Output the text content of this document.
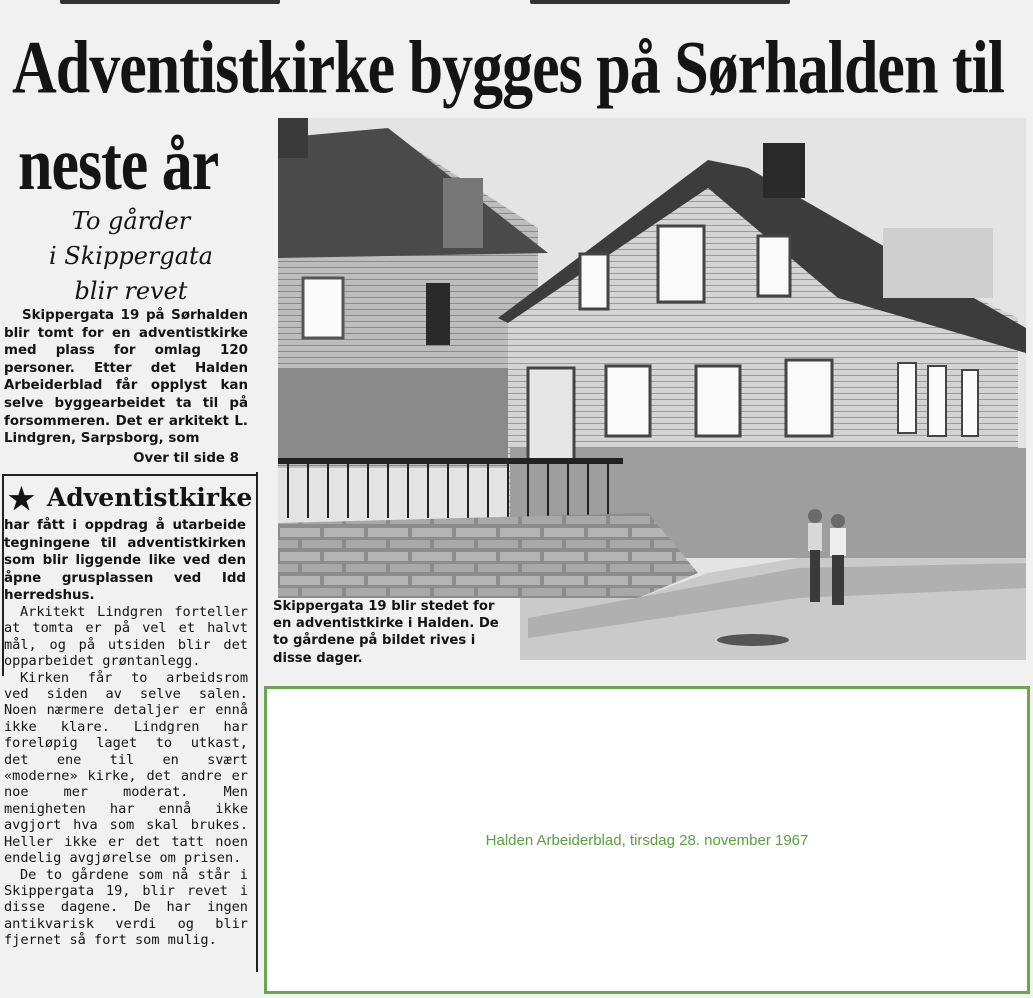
Adventistkirke bygges på Sørhalden til
neste år
To gårder
i Skippergata
blir revet
Skippergata 19 på Sørhalden blir tomt for en adventistkirke med plass for omlag 120 personer. Etter det Halden Arbeiderblad får opplyst kan selve byggearbeidet ta til på forsommeren. Det er arkitekt L. Lindgren, Sarpsborg, som
Over til side 8
★ Adventistkirke
har fått i oppdrag å utarbeide tegningene til adventistkirken som blir liggende like ved den åpne grusplassen ved Idd herredshus.

Arkitekt Lindgren forteller at tomta er på vel et halvt mål, og på utsiden blir det opparbeidet grøntanlegg.

Kirken får to arbeidsrom ved siden av selve salen. Noen nærmere detaljer er ennå ikke klare. Lindgren har foreløpig laget to utkast, det ene til en svært «moderne» kirke, det andre er noe mer moderat. Men menigheten har ennå ikke avgjort hva som skal brukes. Heller ikke er det tatt noen endelig avgjørelse om prisen.

De to gårdene som nå står i Skippergata 19, blir revet i disse dagene. De har ingen antikvarisk verdi og blir fjernet så fort som mulig.

Skippergata 19 blir stedet for en adventistkirke i Halden. De to gårdene på bildet rives i disse dager.
Halden Arbeiderblad, tirsdag 28. november 1967
